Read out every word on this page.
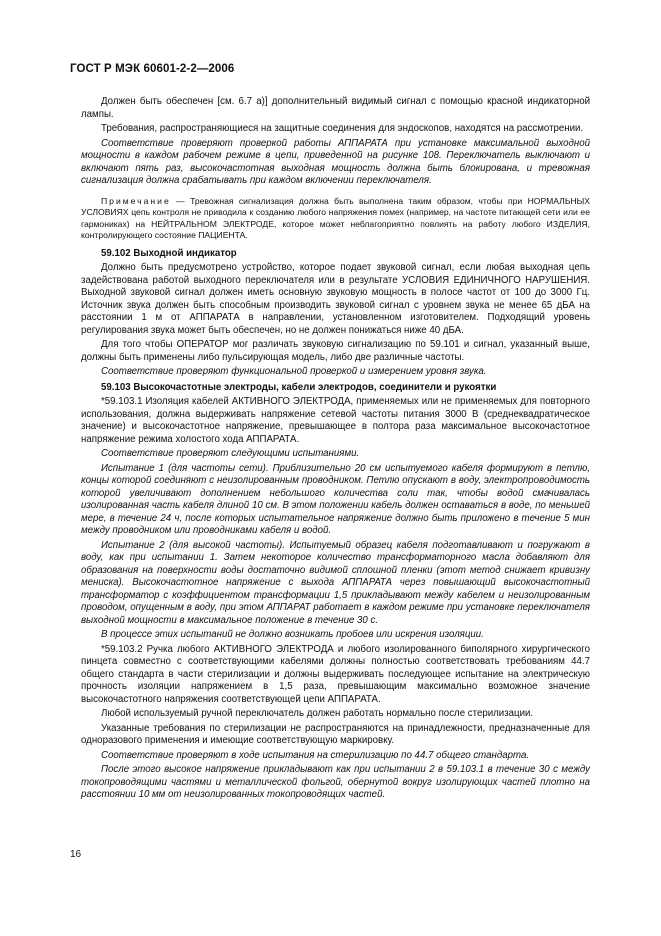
ГОСТ Р МЭК 60601-2-2—2006

Должен быть обеспечен [см. 6.7 а)] дополнительный видимый сигнал с помощью красной индикаторной лампы.

Требования, распространяющиеся на защитные соединения для эндоскопов, находятся на рассмотрении.

Соответствие проверяют проверкой работы АППАРАТА при установке максимальной выходной мощности в каждом рабочем режиме в цепи, приведенной на рисунке 108. Переключатель выключают и включают пять раз, высокочастотная выходная мощность должна быть блокирована, и тревожная сигнализация должна срабатывать при каждом включении переключателя.

Примечание — Тревожная сигнализация должна быть выполнена таким образом, чтобы при НОРМАЛЬНЫХ УСЛОВИЯХ цепь контроля не приводила к созданию любого напряжения помех (например, на частоте питающей сети или ее гармониках) на НЕЙТРАЛЬНОМ ЭЛЕКТРОДЕ, которое может неблагоприятно повлиять на работу любого ИЗДЕЛИЯ, контролирующего состояние ПАЦИЕНТА.

59.102 Выходной индикатор

Должно быть предусмотрено устройство, которое подает звуковой сигнал, если любая выходная цепь задействована работой выходного переключателя или в результате УСЛОВИЯ ЕДИНИЧНОГО НАРУШЕНИЯ. Выходной звуковой сигнал должен иметь основную звуковую мощность в полосе частот от 100 до 3000 Гц. Источник звука должен быть способным производить звуковой сигнал с уровнем звука не менее 65 дБА на расстоянии 1 м от АППАРАТА в направлении, установленном изготовителем. Подходящий уровень регулирования звука может быть обеспечен, но не должен понижаться ниже 40 дБА.

Для того чтобы ОПЕРАТОР мог различать звуковую сигнализацию по 59.101 и сигнал, указанный выше, должны быть применены либо пульсирующая модель, либо две различные частоты.

Соответствие проверяют функциональной проверкой и измерением уровня звука.

59.103 Высокочастотные электроды, кабели электродов, соединители и рукоятки

*59.103.1 Изоляция кабелей АКТИВНОГО ЭЛЕКТРОДА, применяемых или не применяемых для повторного использования, должна выдерживать напряжение сетевой частоты питания 3000 В (среднеквадратическое значение) и высокочастотное напряжение, превышающее в полтора раза максимальное высокочастотное напряжение режима холостого хода АППАРАТА.

Соответствие проверяют следующими испытаниями.

Испытание 1 (для частоты сети). Приблизительно 20 см испытуемого кабеля формируют в петлю, концы которой соединяют с неизолированным проводником. Петлю опускают в воду, электропроводимость которой увеличивают дополнением небольшого количества соли так, чтобы водой смачивалась изолированная часть кабеля длиной 10 см. В этом положении кабель должен оставаться в воде, по меньшей мере, в течение 24 ч, после которых испытательное напряжение должно быть приложено в течение 5 мин между проводником или проводниками кабеля и водой.

Испытание 2 (для высокой частоты). Испытуемый образец кабеля подготавливают и погружают в воду, как при испытании 1. Затем некоторое количество трансформаторного масла добавляют для образования на поверхности воды достаточно видимой сплошной пленки (этот метод снижает кривизну мениска). Высокочастотное напряжение с выхода АППАРАТА через повышающий высокочастотный трансформатор с коэффициентом трансформации 1,5 прикладывают между кабелем и неизолированным проводом, опущенным в воду, при этом АППАРАТ работает в каждом режиме при установке переключателя выходной мощности в максимальное положение в течение 30 с.

В процессе этих испытаний не должно возникать пробоев или искрения изоляции.

*59.103.2 Ручка любого АКТИВНОГО ЭЛЕКТРОДА и любого изолированного биполярного хирургического пинцета совместно с соответствующими кабелями должны полностью соответствовать требованиям 44.7 общего стандарта в части стерилизации и должны выдерживать последующее испытание на электрическую прочность изоляции напряжением в 1,5 раза, превышающим максимально возможное значение высокочастотного напряжения соответствующей цепи АППАРАТА.

Любой используемый ручной переключатель должен работать нормально после стерилизации.

Указанные требования по стерилизации не распространяются на принадлежности, предназначенные для одноразового применения и имеющие соответствующую маркировку.

Соответствие проверяют в ходе испытания на стерилизацию по 44.7 общего стандарта.

После этого высокое напряжение прикладывают как при испытании 2 в 59.103.1 в течение 30 с между токопроводящими частями и металлической фольгой, обернутой вокруг изолирующих частей плотно на расстоянии 10 мм от неизолированных токопроводящих частей.

16
